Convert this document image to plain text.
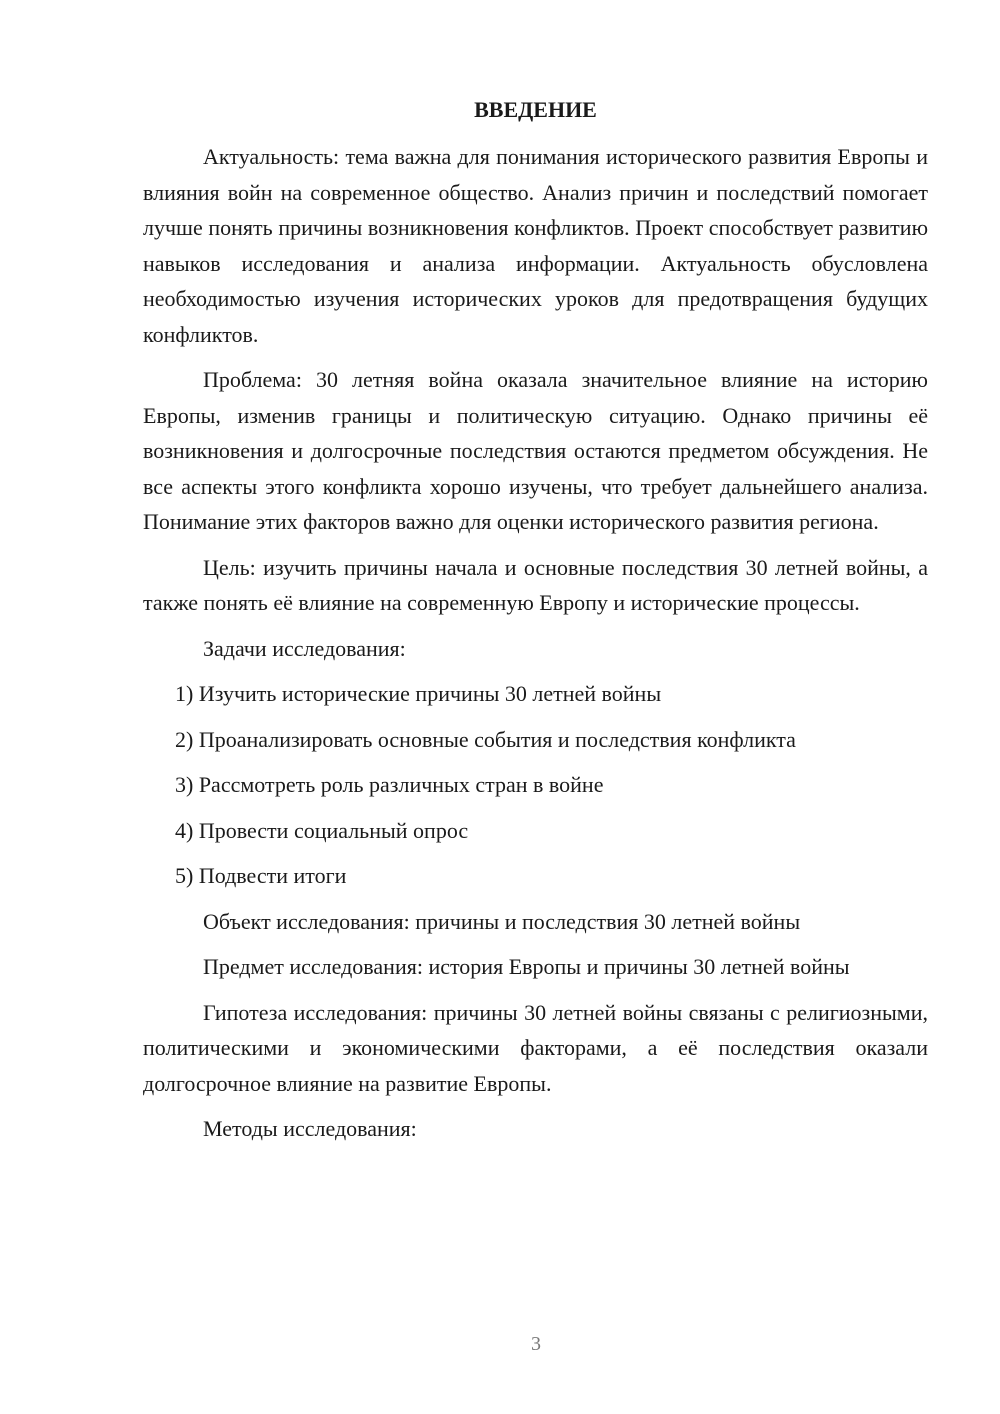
ВВЕДЕНИЕ

Актуальность: тема важна для понимания исторического развития Европы и влияния войн на современное общество. Анализ причин и последствий помогает лучше понять причины возникновения конфликтов. Проект способствует развитию навыков исследования и анализа информации. Актуальность обусловлена необходимостью изучения исторических уроков для предотвращения будущих конфликтов.

Проблема: 30 летняя война оказала значительное влияние на историю Европы, изменив границы и политическую ситуацию. Однако причины её возникновения и долгосрочные последствия остаются предметом обсуждения. Не все аспекты этого конфликта хорошо изучены, что требует дальнейшего анализа. Понимание этих факторов важно для оценки исторического развития региона.

Цель: изучить причины начала и основные последствия 30 летней войны, а также понять её влияние на современную Европу и исторические процессы.

Задачи исследования:

1) Изучить исторические причины 30 летней войны
2) Проанализировать основные события и последствия конфликта
3) Рассмотреть роль различных стран в войне
4) Провести социальный опрос
5) Подвести итоги

Объект исследования: причины и последствия 30 летней войны

Предмет исследования: история Европы и причины 30 летней войны

Гипотеза исследования: причины 30 летней войны связаны с религиозными, политическими и экономическими факторами, а её последствия оказали долгосрочное влияние на развитие Европы.

Методы исследования:

3
